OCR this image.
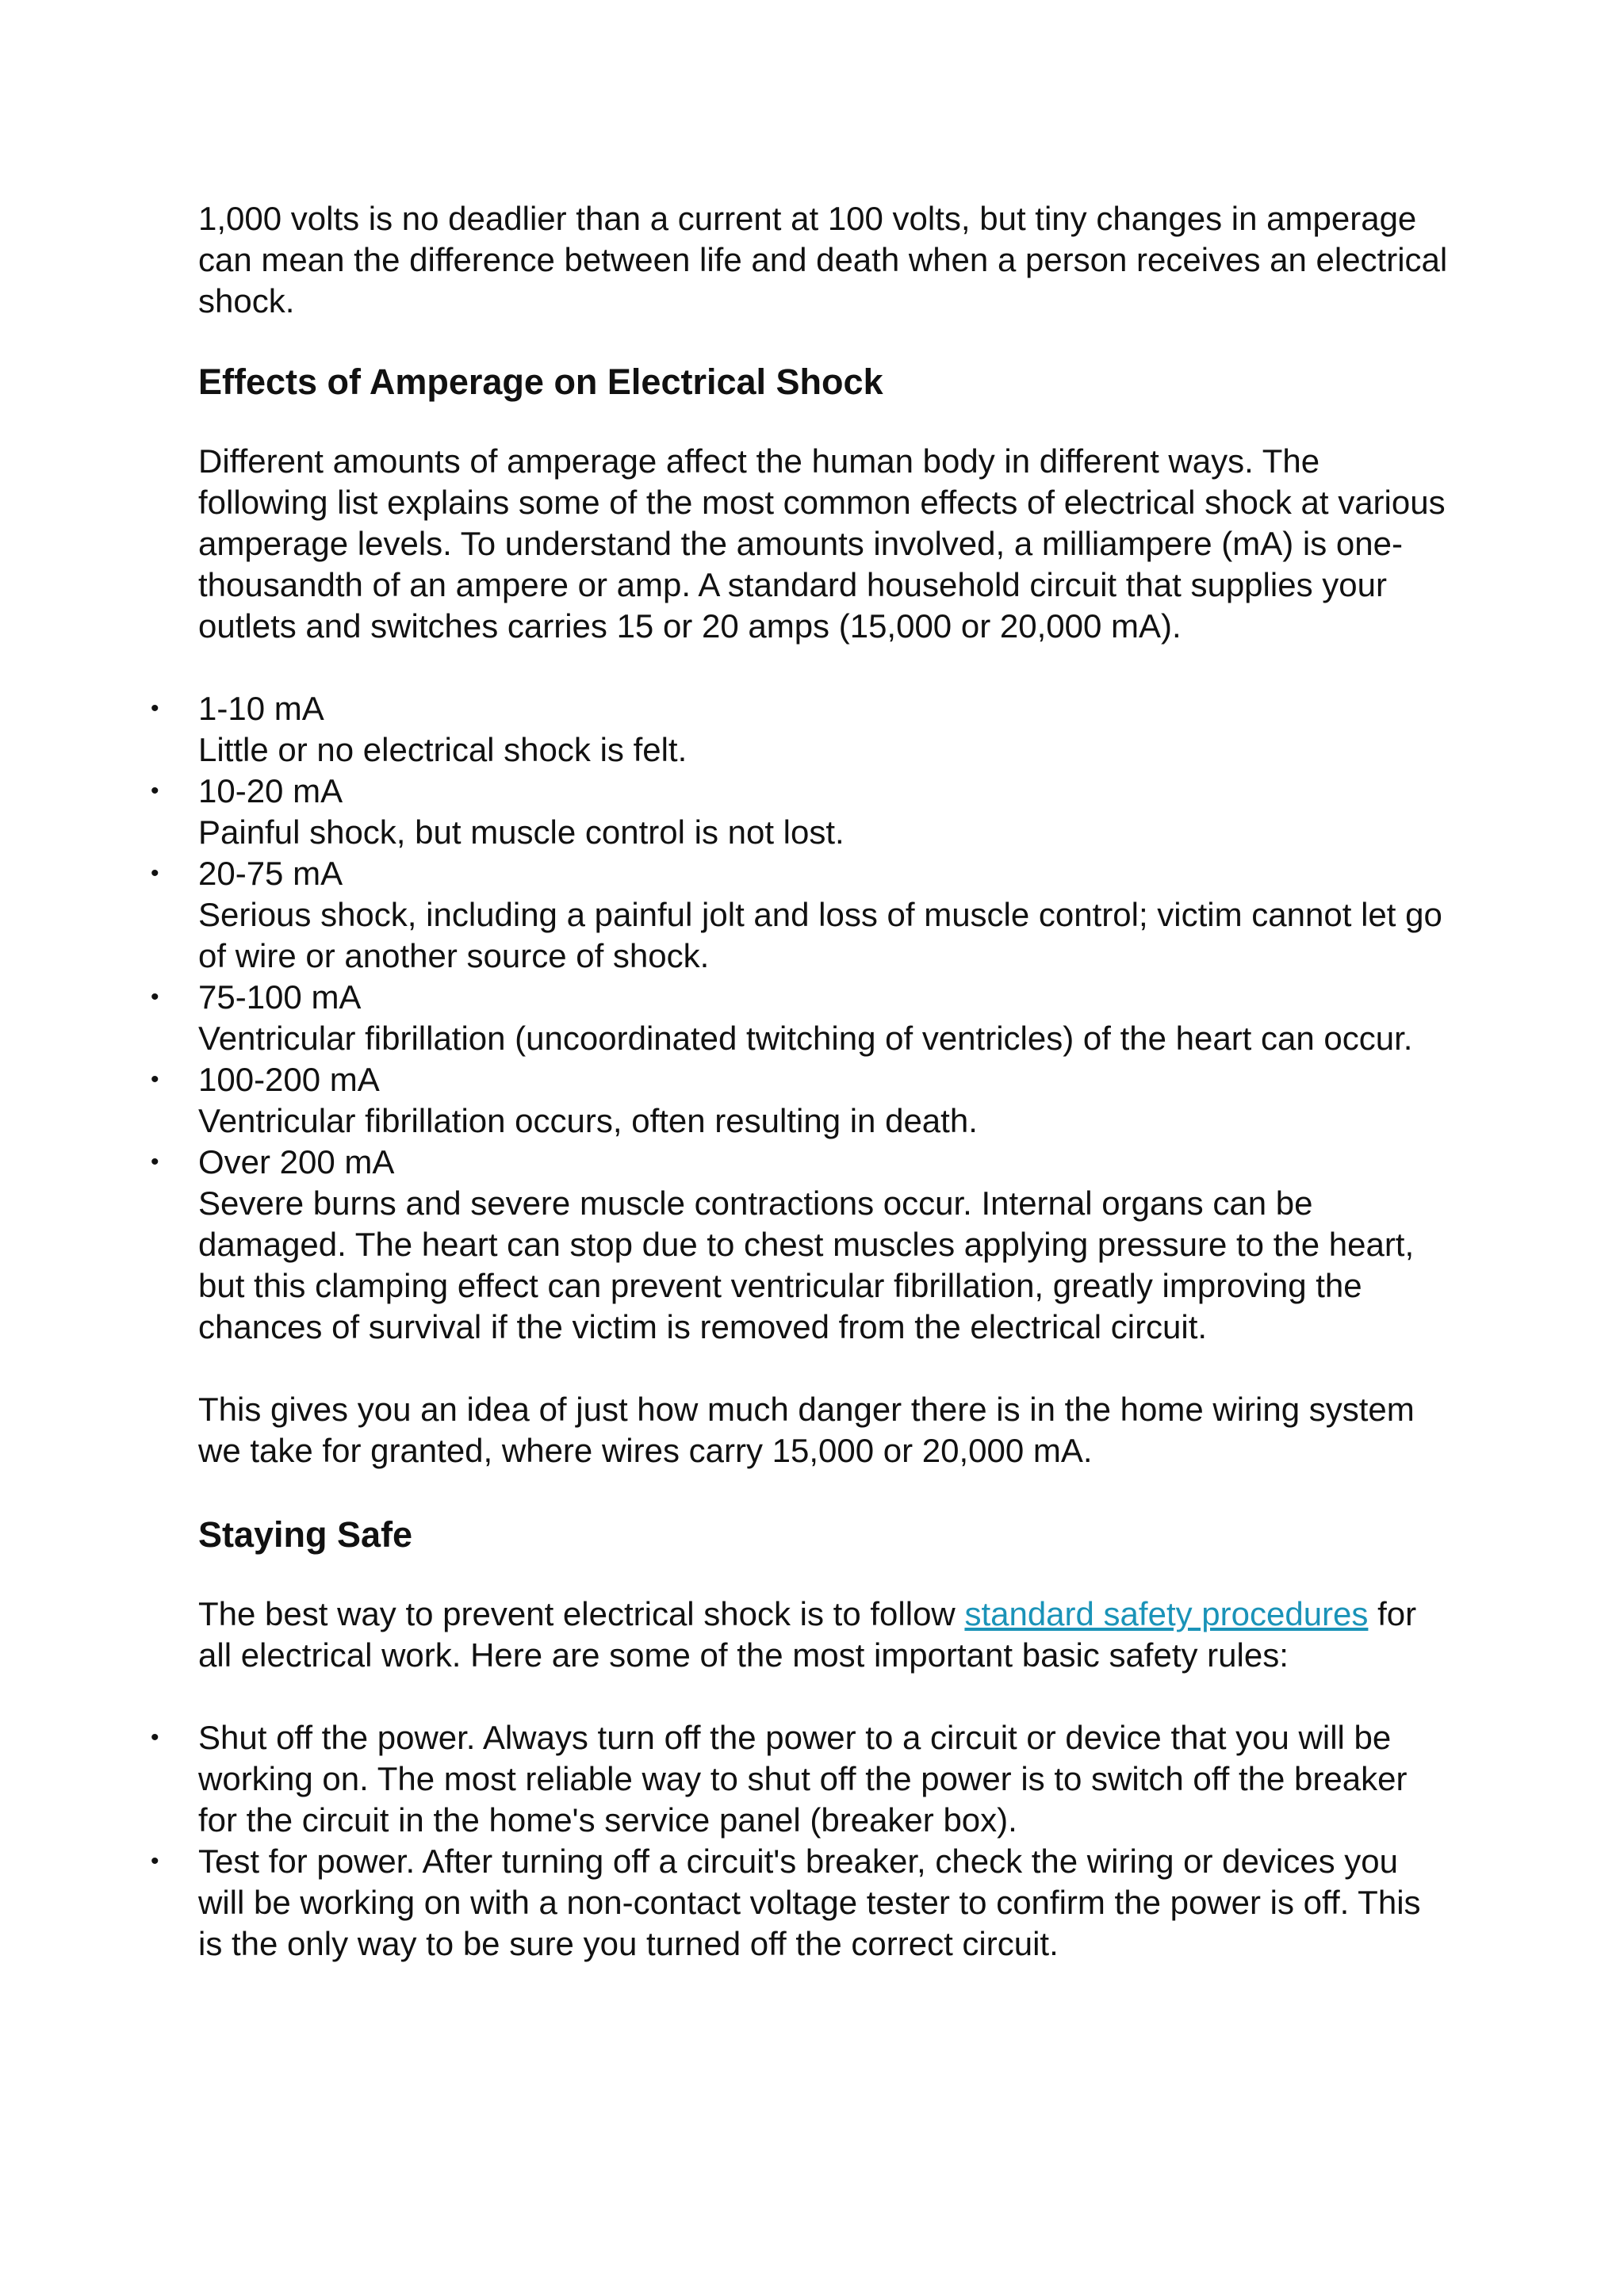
1,000 volts is no deadlier than a current at 100 volts, but tiny changes in amperage can mean the difference between life and death when a person receives an electrical shock.

Effects of Amperage on Electrical Shock

Different amounts of amperage affect the human body in different ways. The following list explains some of the most common effects of electrical shock at various amperage levels. To understand the amounts involved, a milliampere (mA) is one-thousandth of an ampere or amp. A standard household circuit that supplies your outlets and switches carries 15 or 20 amps (15,000 or 20,000 mA).

• 1-10 mA
Little or no electrical shock is felt.
• 10-20 mA
Painful shock, but muscle control is not lost.
• 20-75 mA
Serious shock, including a painful jolt and loss of muscle control; victim cannot let go of wire or another source of shock.
• 75-100 mA
Ventricular fibrillation (uncoordinated twitching of ventricles) of the heart can occur.
• 100-200 mA
Ventricular fibrillation occurs, often resulting in death.
• Over 200 mA
Severe burns and severe muscle contractions occur. Internal organs can be damaged. The heart can stop due to chest muscles applying pressure to the heart, but this clamping effect can prevent ventricular fibrillation, greatly improving the chances of survival if the victim is removed from the electrical circuit.

This gives you an idea of just how much danger there is in the home wiring system we take for granted, where wires carry 15,000 or 20,000 mA.

Staying Safe

The best way to prevent electrical shock is to follow standard safety procedures for all electrical work. Here are some of the most important basic safety rules:

• Shut off the power. Always turn off the power to a circuit or device that you will be working on. The most reliable way to shut off the power is to switch off the breaker for the circuit in the home's service panel (breaker box).
• Test for power. After turning off a circuit's breaker, check the wiring or devices you will be working on with a non-contact voltage tester to confirm the power is off. This is the only way to be sure you turned off the correct circuit.
